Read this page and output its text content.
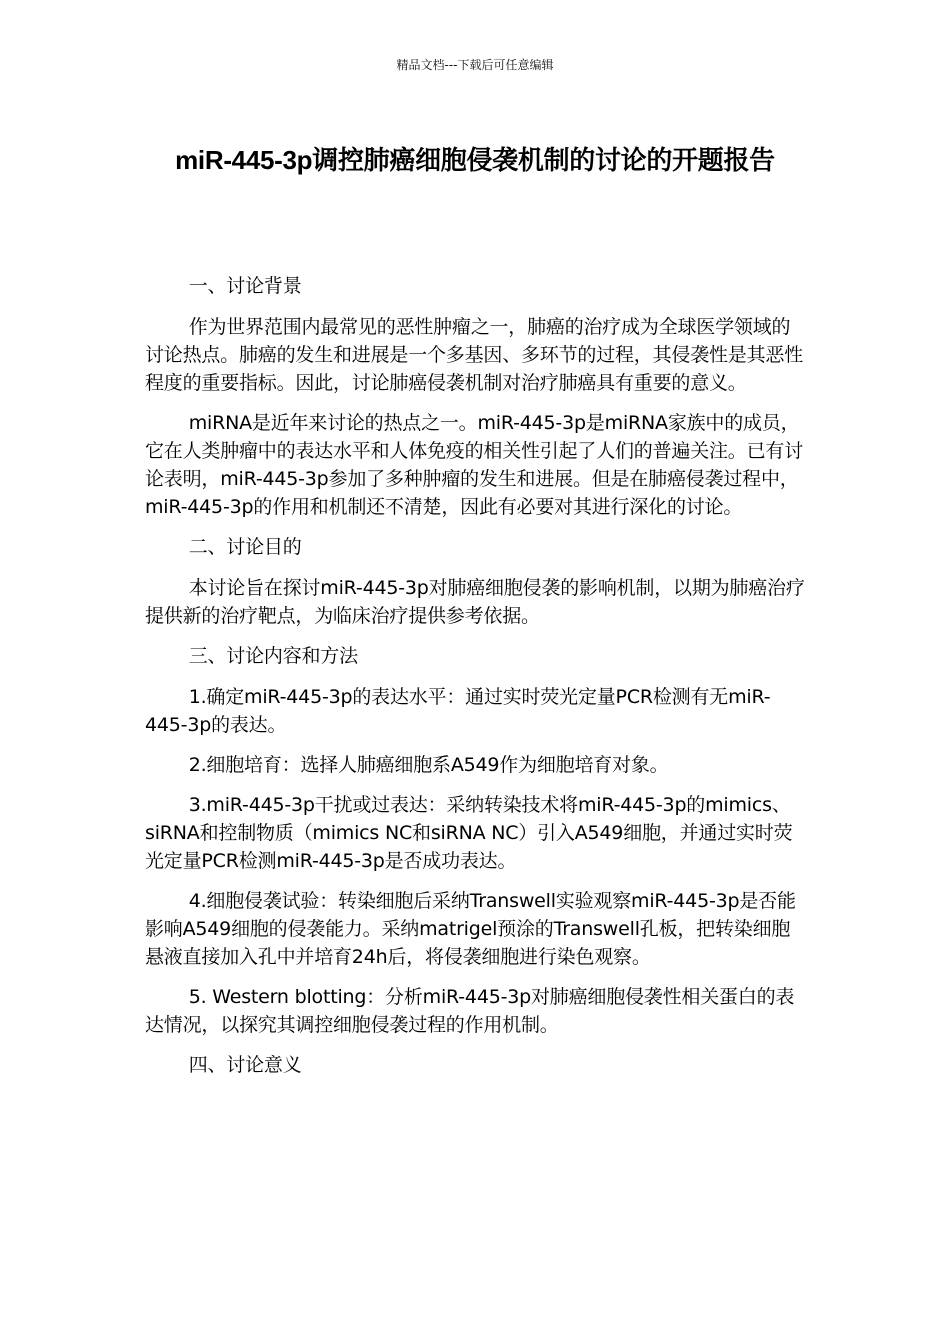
精品文档---下载后可任意编辑
miR-445-3p调控肺癌细胞侵袭机制的讨论的开题报告

一、讨论背景

作为世界范围内最常见的恶性肿瘤之一，肺癌的治疗成为全球医学领域的讨论热点。肺癌的发生和进展是一个多基因、多环节的过程，其侵袭性是其恶性程度的重要指标。因此，讨论肺癌侵袭机制对治疗肺癌具有重要的意义。

miRNA是近年来讨论的热点之一。miR-445-3p是miRNA家族中的成员，它在人类肿瘤中的表达水平和人体免疫的相关性引起了人们的普遍关注。已有讨论表明，miR-445-3p参加了多种肿瘤的发生和进展。但是在肺癌侵袭过程中，miR-445-3p的作用和机制还不清楚，因此有必要对其进行深化的讨论。

二、讨论目的

本讨论旨在探讨miR-445-3p对肺癌细胞侵袭的影响机制，以期为肺癌治疗提供新的治疗靶点，为临床治疗提供参考依据。

三、讨论内容和方法

1.确定miR-445-3p的表达水平：通过实时荧光定量PCR检测有无miR-445-3p的表达。

2.细胞培育：选择人肺癌细胞系A549作为细胞培育对象。

3.miR-445-3p干扰或过表达：采纳转染技术将miR-445-3p的mimics、siRNA和控制物质（mimics NC和siRNA NC）引入A549细胞，并通过实时荧光定量PCR检测miR-445-3p是否成功表达。

4.细胞侵袭试验：转染细胞后采纳Transwell实验观察miR-445-3p是否能影响A549细胞的侵袭能力。采纳matrigel预涂的Transwell孔板，把转染细胞悬液直接加入孔中并培育24h后，将侵袭细胞进行染色观察。

5. Western blotting：分析miR-445-3p对肺癌细胞侵袭性相关蛋白的表达情况，以探究其调控细胞侵袭过程的作用机制。

四、讨论意义
